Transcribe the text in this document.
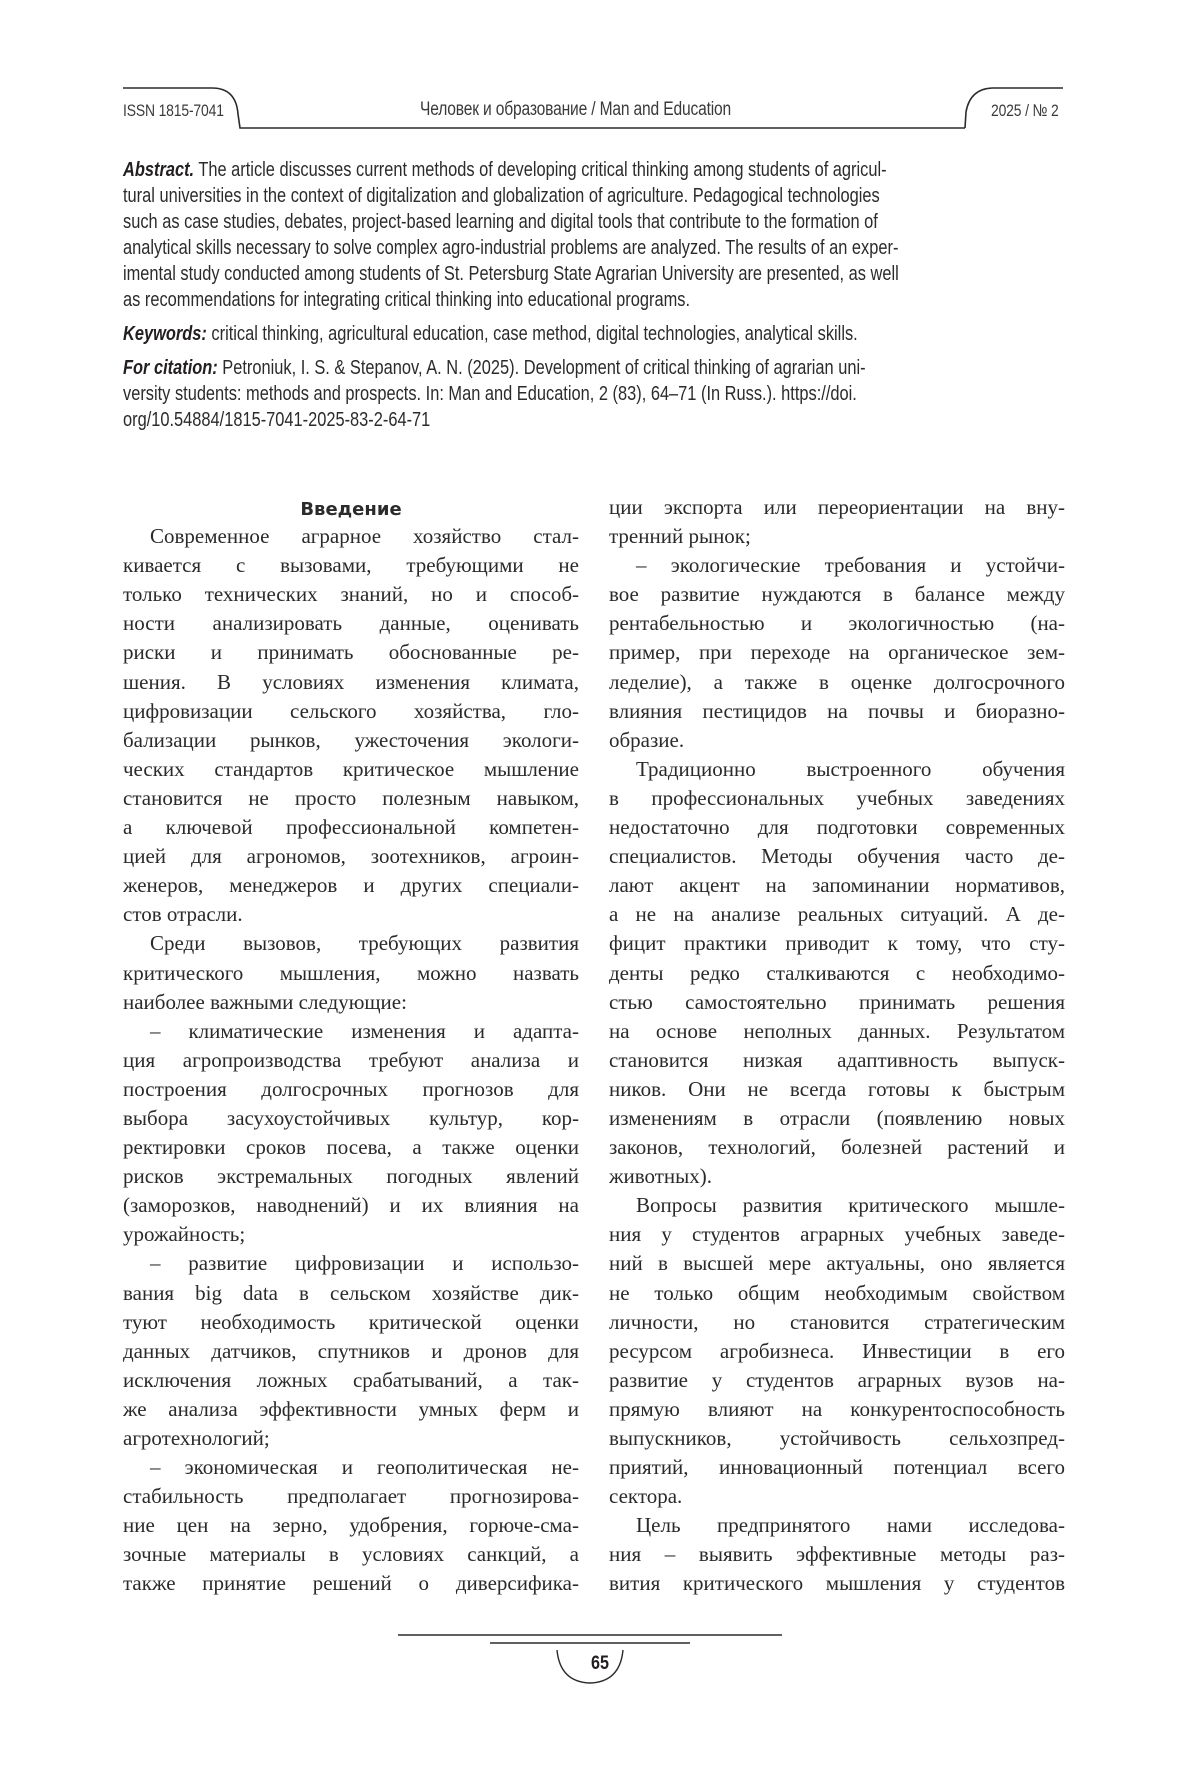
ISSN 1815-7041	Человек и образование / Man and Education	2025 / № 2
Abstract. The article discusses current methods of developing critical thinking among students of agricul-
tural universities in the context of digitalization and globalization of agriculture. Pedagogical technologies
such as case studies, debates, project-based learning and digital tools that contribute to the formation of
analytical skills necessary to solve complex agro-industrial problems are analyzed. The results of an exper-
imental study conducted among students of St. Petersburg State Agrarian University are presented, as well
as recommendations for integrating critical thinking into educational programs.
Keywords: critical thinking, agricultural education, case method, digital technologies, analytical skills.
For citation: Petroniuk, I. S. & Stepanov, A. N. (2025). Development of critical thinking of agrarian uni-
versity students: methods and prospects. In: Man and Education, 2 (83), 64–71 (In Russ.). https://doi.
org/10.54884/1815-7041-2025-83-2-64-71
Введение
Современное аграрное хозяйство стал-
кивается с вызовами, требующими не
только технических знаний, но и способ-
ности анализировать данные, оценивать
риски и принимать обоснованные ре-
шения. В условиях изменения климата,
цифровизации сельского хозяйства, гло-
бализации рынков, ужесточения экологи-
ческих стандартов критическое мышление
становится не просто полезным навыком,
а ключевой профессиональной компетен-
цией для агрономов, зоотехников, агроин-
женеров, менеджеров и других специали-
стов отрасли.
Среди вызовов, требующих развития
критического мышления, можно назвать
наиболее важными следующие:
– климатические изменения и адапта-
ция агропроизводства требуют анализа и
построения долгосрочных прогнозов для
выбора засухоустойчивых культур, кор-
ректировки сроков посева, а также оценки
рисков экстремальных погодных явлений
(заморозков, наводнений) и их влияния на
урожайность;
– развитие цифровизации и использо-
вания big data в сельском хозяйстве дик-
туют необходимость критической оценки
данных датчиков, спутников и дронов для
исключения ложных срабатываний, а так-
же анализа эффективности умных ферм и
агротехнологий;
– экономическая и геополитическая не-
стабильность предполагает прогнозирова-
ние цен на зерно, удобрения, горюче-сма-
зочные материалы в условиях санкций, а
также принятие решений о диверсифика-
ции экспорта или переориентации на вну-
тренний рынок;
– экологические требования и устойчи-
вое развитие нуждаются в балансе между
рентабельностью и экологичностью (на-
пример, при переходе на органическое зем-
леделие), а также в оценке долгосрочного
влияния пестицидов на почвы и биоразно-
образие.
Традиционно выстроенного обучения
в профессиональных учебных заведениях
недостаточно для подготовки современных
специалистов. Методы обучения часто де-
лают акцент на запоминании нормативов,
а не на анализе реальных ситуаций. А де-
фицит практики приводит к тому, что сту-
денты редко сталкиваются с необходимо-
стью самостоятельно принимать решения
на основе неполных данных. Результатом
становится низкая адаптивность выпуск-
ников. Они не всегда готовы к быстрым
изменениям в отрасли (появлению новых
законов, технологий, болезней растений и
животных).
Вопросы развития критического мышле-
ния у студентов аграрных учебных заведе-
ний в высшей мере актуальны, оно является
не только общим необходимым свойством
личности, но становится стратегическим
ресурсом агробизнеса. Инвестиции в его
развитие у студентов аграрных вузов на-
прямую влияют на конкурентоспособность
выпускников, устойчивость сельхозпред-
приятий, инновационный потенциал всего
сектора.
Цель предпринятого нами исследова-
ния – выявить эффективные методы раз-
вития критического мышления у студентов
65
